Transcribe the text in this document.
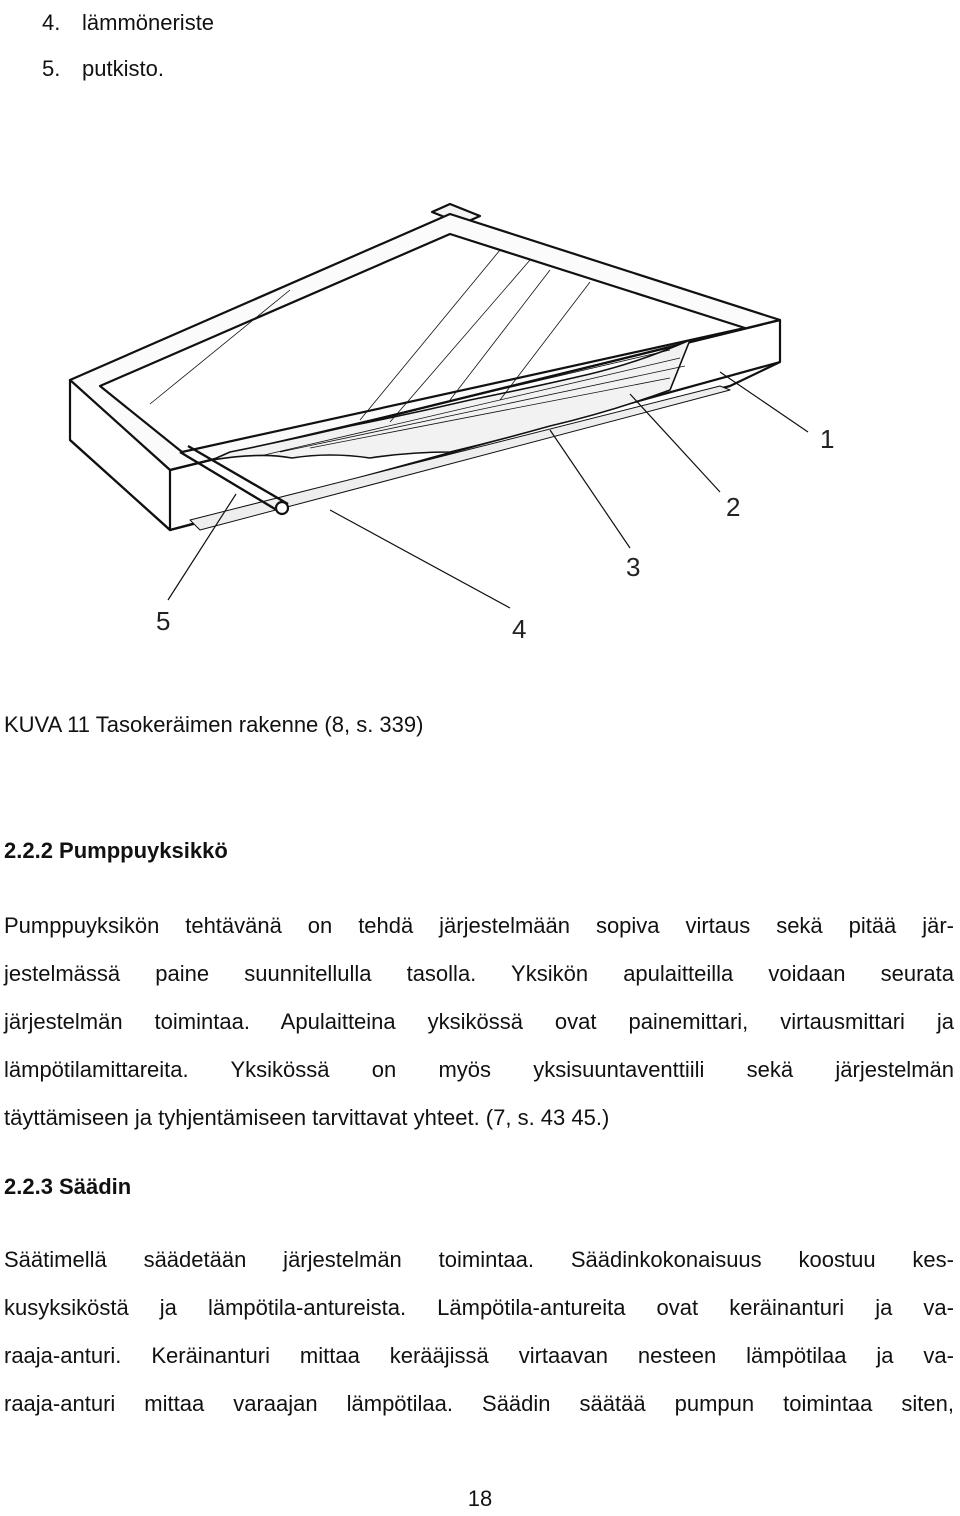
4. lämmöneriste
5. putkisto.
1
2
3
4
5
KUVA 11 Tasokeräimen rakenne (8, s. 339)
2.2.2 Pumppuyksikkö
Pumppuyksikön tehtävänä on tehdä järjestelmään sopiva virtaus sekä pitää jär-
jestelmässä paine suunnitellulla tasolla. Yksikön apulaitteilla voidaan seurata
järjestelmän toimintaa. Apulaitteina yksikössä ovat painemittari, virtausmittari ja
lämpötilamittareita. Yksikössä on myös yksisuuntaventtiili sekä järjestelmän
täyttämiseen ja tyhjentämiseen tarvittavat yhteet. (7, s. 43 45.)
2.2.3 Säädin
Säätimellä säädetään järjestelmän toimintaa. Säädinkokonaisuus koostuu kes-
kusyksiköstä ja lämpötila-antureista. Lämpötila-antureita ovat keräinanturi ja va-
raaja-anturi. Keräinanturi mittaa kerääjissä virtaavan nesteen lämpötilaa ja va-
raaja-anturi mittaa varaajan lämpötilaa. Säädin säätää pumpun toimintaa siten,
18
